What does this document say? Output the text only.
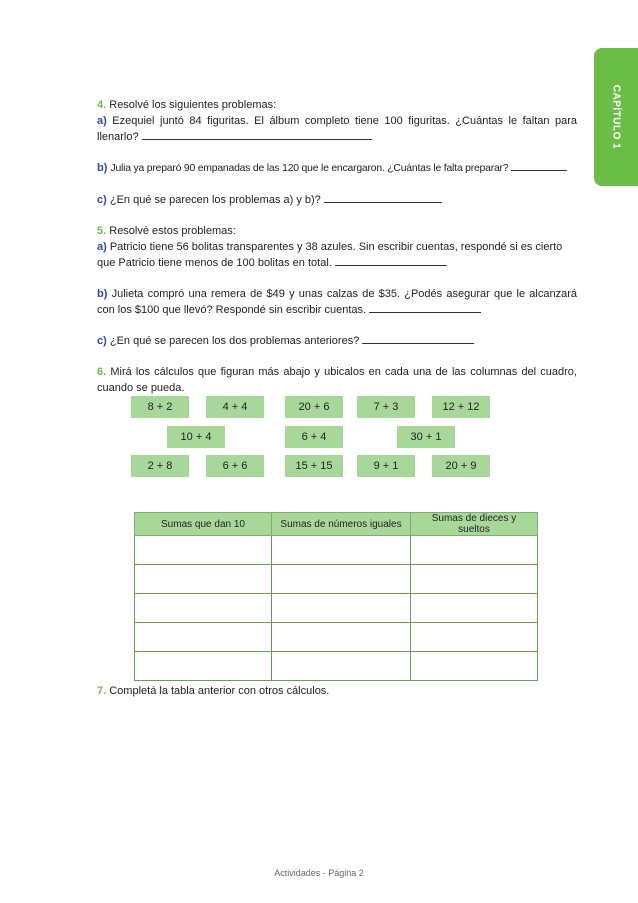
CAPÍTULO 1

4. Resolvé los siguientes problemas:

a) Ezequiel juntó 84 figuritas. El álbum completo tiene 100 figuritas. ¿Cuántas le faltan para llenarlo?

b) Julia ya preparó 90 empanadas de las 120 que le encargaron. ¿Cuántas le falta preparar?

c) ¿En qué se parecen los problemas a) y b)?

5. Resolvé estos problemas:

a) Patricio tiene 56 bolitas transparentes y 38 azules. Sin escribir cuentas, respondé si es cierto que Patricio tiene menos de 100 bolitas en total.

b) Julieta compró una remera de $49 y unas calzas de $35. ¿Podés asegurar que le alcanzará con los $100 que llevó? Respondé sin escribir cuentas.

c) ¿En qué se parecen los dos problemas anteriores?

6. Mirá los cálculos que figuran más abajo y ubicalos en cada una de las columnas del cuadro, cuando se pueda.

8 + 2	4 + 4	20 + 6	7 + 3	12 + 12
10 + 4	6 + 4	30 + 1
2 + 8	6 + 6	15 + 15	9 + 1	20 + 9
Sumas que dan 10	Sumas de números iguales	Sumas de dieces y sueltos

7. Completá la tabla anterior con otros cálculos.

Actividades - Página 2
